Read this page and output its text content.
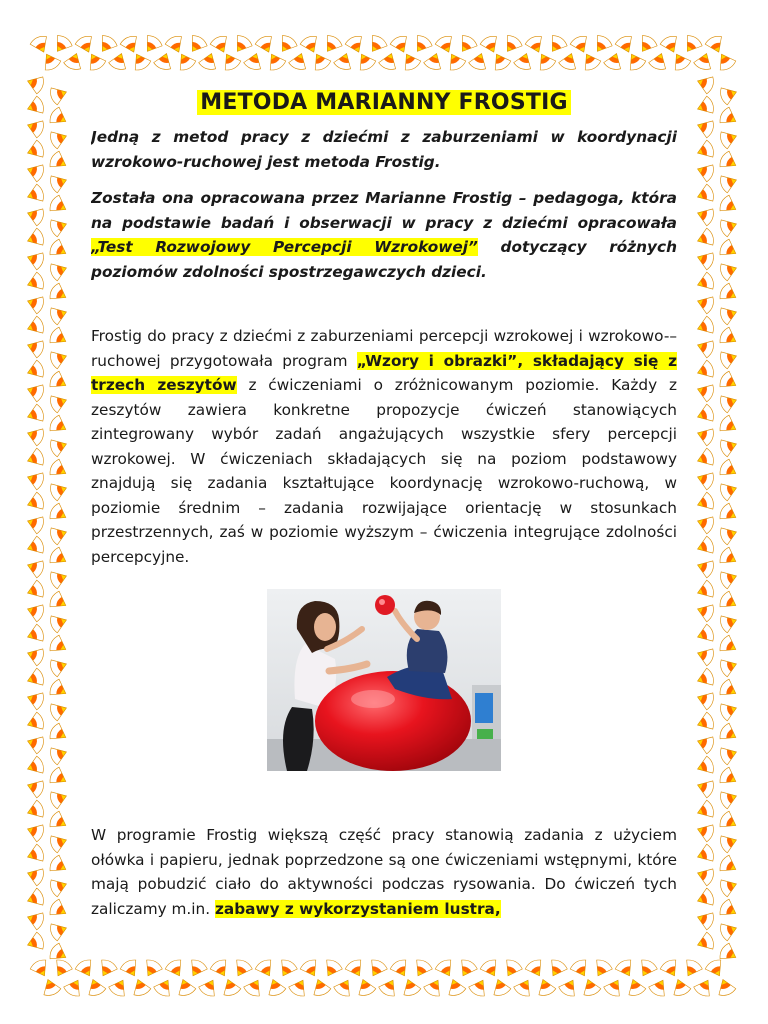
METODA MARIANNY FROSTIG

Jedną z metod pracy z dziećmi z zaburzeniami w koordynacji wzrokowo-ruchowej jest metoda Frostig.

Została ona opracowana przez Marianne Frostig – pedagoga, która na podstawie badań i obserwacji w pracy z dziećmi opracowała „Test Rozwojowy Percepcji Wzrokowej” dotyczący różnych poziomów zdolności spostrzegawczych dzieci.

Frostig do pracy z dziećmi z zaburzeniami percepcji wzrokowej i wzrokowo-– ruchowej przygotowała program „Wzory i obrazki”, składający się z trzech zeszytów z ćwiczeniami o zróżnicowanym poziomie. Każdy z zeszytów zawiera konkretne propozycje ćwiczeń stanowiących zintegrowany wybór zadań angażujących wszystkie sfery percepcji wzrokowej. W ćwiczeniach składających się na poziom podstawowy znajdują się zadania kształtujące koordynację wzrokowo-ruchową, w poziomie średnim – zadania rozwijające orientację w stosunkach przestrzennych, zaś w poziomie wyższym – ćwiczenia integrujące zdolności percepcyjne.

W programie Frostig większą część pracy stanowią zadania z użyciem ołówka i papieru, jednak poprzedzone są one ćwiczeniami wstępnymi, które mają pobudzić ciało do aktywności podczas rysowania. Do ćwiczeń tych zaliczamy m.in. zabawy z wykorzystaniem lustra,
